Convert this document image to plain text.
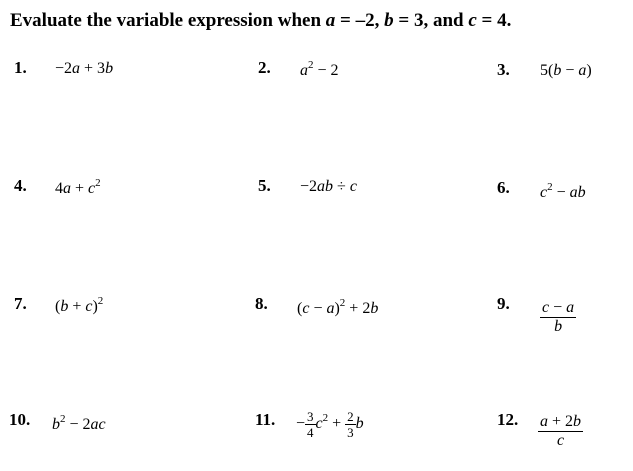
Evaluate the variable expression when a = –2, b = 3, and c = 4.
1. −2a + 3b	2. $a^2 - 2$	3. 5(b − a)
4. $4a + c^2$	5. −2ab ÷ c	6. $c^2$ − ab
7. $(b + c)^2$	8. $(c - a)^2 + 2b$	9. $\frac{c - a}{b}$
10. $b^2 - 2ac$	11. − $\frac{3}{4} c^2 + \frac{2}{3}$ b	12. $\frac{a + 2b}{c}$
